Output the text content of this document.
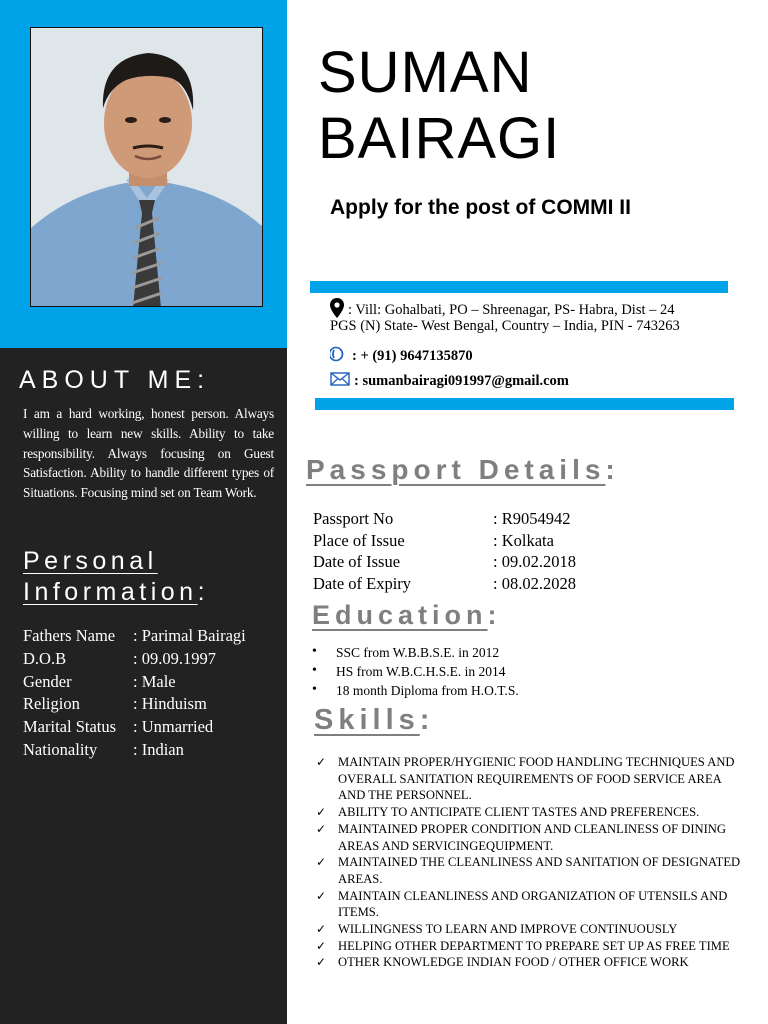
ABOUT ME:
I am a hard working, honest person. Always willing to learn new skills. Ability to take responsibility. Always focusing on Guest Satisfaction. Ability to handle different types of Situations. Focusing mind set on Team Work.
Personal
Information:
Fathers Name : Parimal Bairagi
D.O.B	: 09.09.1997
Gender	: Male
Religion	: Hinduism
Marital Status : Unmarried
Nationality : Indian
SUMAN
BAIRAGI
Apply for the post of COMMI II
: Vill: Gohalbati, PO – Shreenagar, PS- Habra, Dist – 24
PGS (N) State- West Bengal, Country – India, PIN - 743263
: + (91) 9647135870
: sumanbairagi091997@gmail.com
Passport Details:
Passport No	: R9054942
Place of Issue	: Kolkata
Date of Issue	: 09.02.2018
Date of Expiry	: 08.02.2028
Education:
• SSC from W.B.B.S.E. in 2012
• HS from W.B.C.H.S.E. in 2014
• 18 month Diploma from H.O.T.S.
Skills:
✓ MAINTAIN PROPER/HYGIENIC FOOD HANDLING TECHNIQUES AND OVERALL SANITATION REQUIREMENTS OF FOOD SERVICE AREA AND THE PERSONNEL.
✓ ABILITY TO ANTICIPATE CLIENT TASTES AND PREFERENCES.
✓ MAINTAINED PROPER CONDITION AND CLEANLINESS OF DINING AREAS AND SERVICINGEQUIPMENT.
✓ MAINTAINED THE CLEANLINESS AND SANITATION OF DESIGNATED AREAS.
✓ MAINTAIN CLEANLINESS AND ORGANIZATION OF UTENSILS AND ITEMS.
✓ WILLINGNESS TO LEARN AND IMPROVE CONTINUOUSLY
✓ HELPING OTHER DEPARTMENT TO PREPARE SET UP AS FREE TIME
✓ OTHER KNOWLEDGE INDIAN FOOD / OTHER OFFICE WORK
